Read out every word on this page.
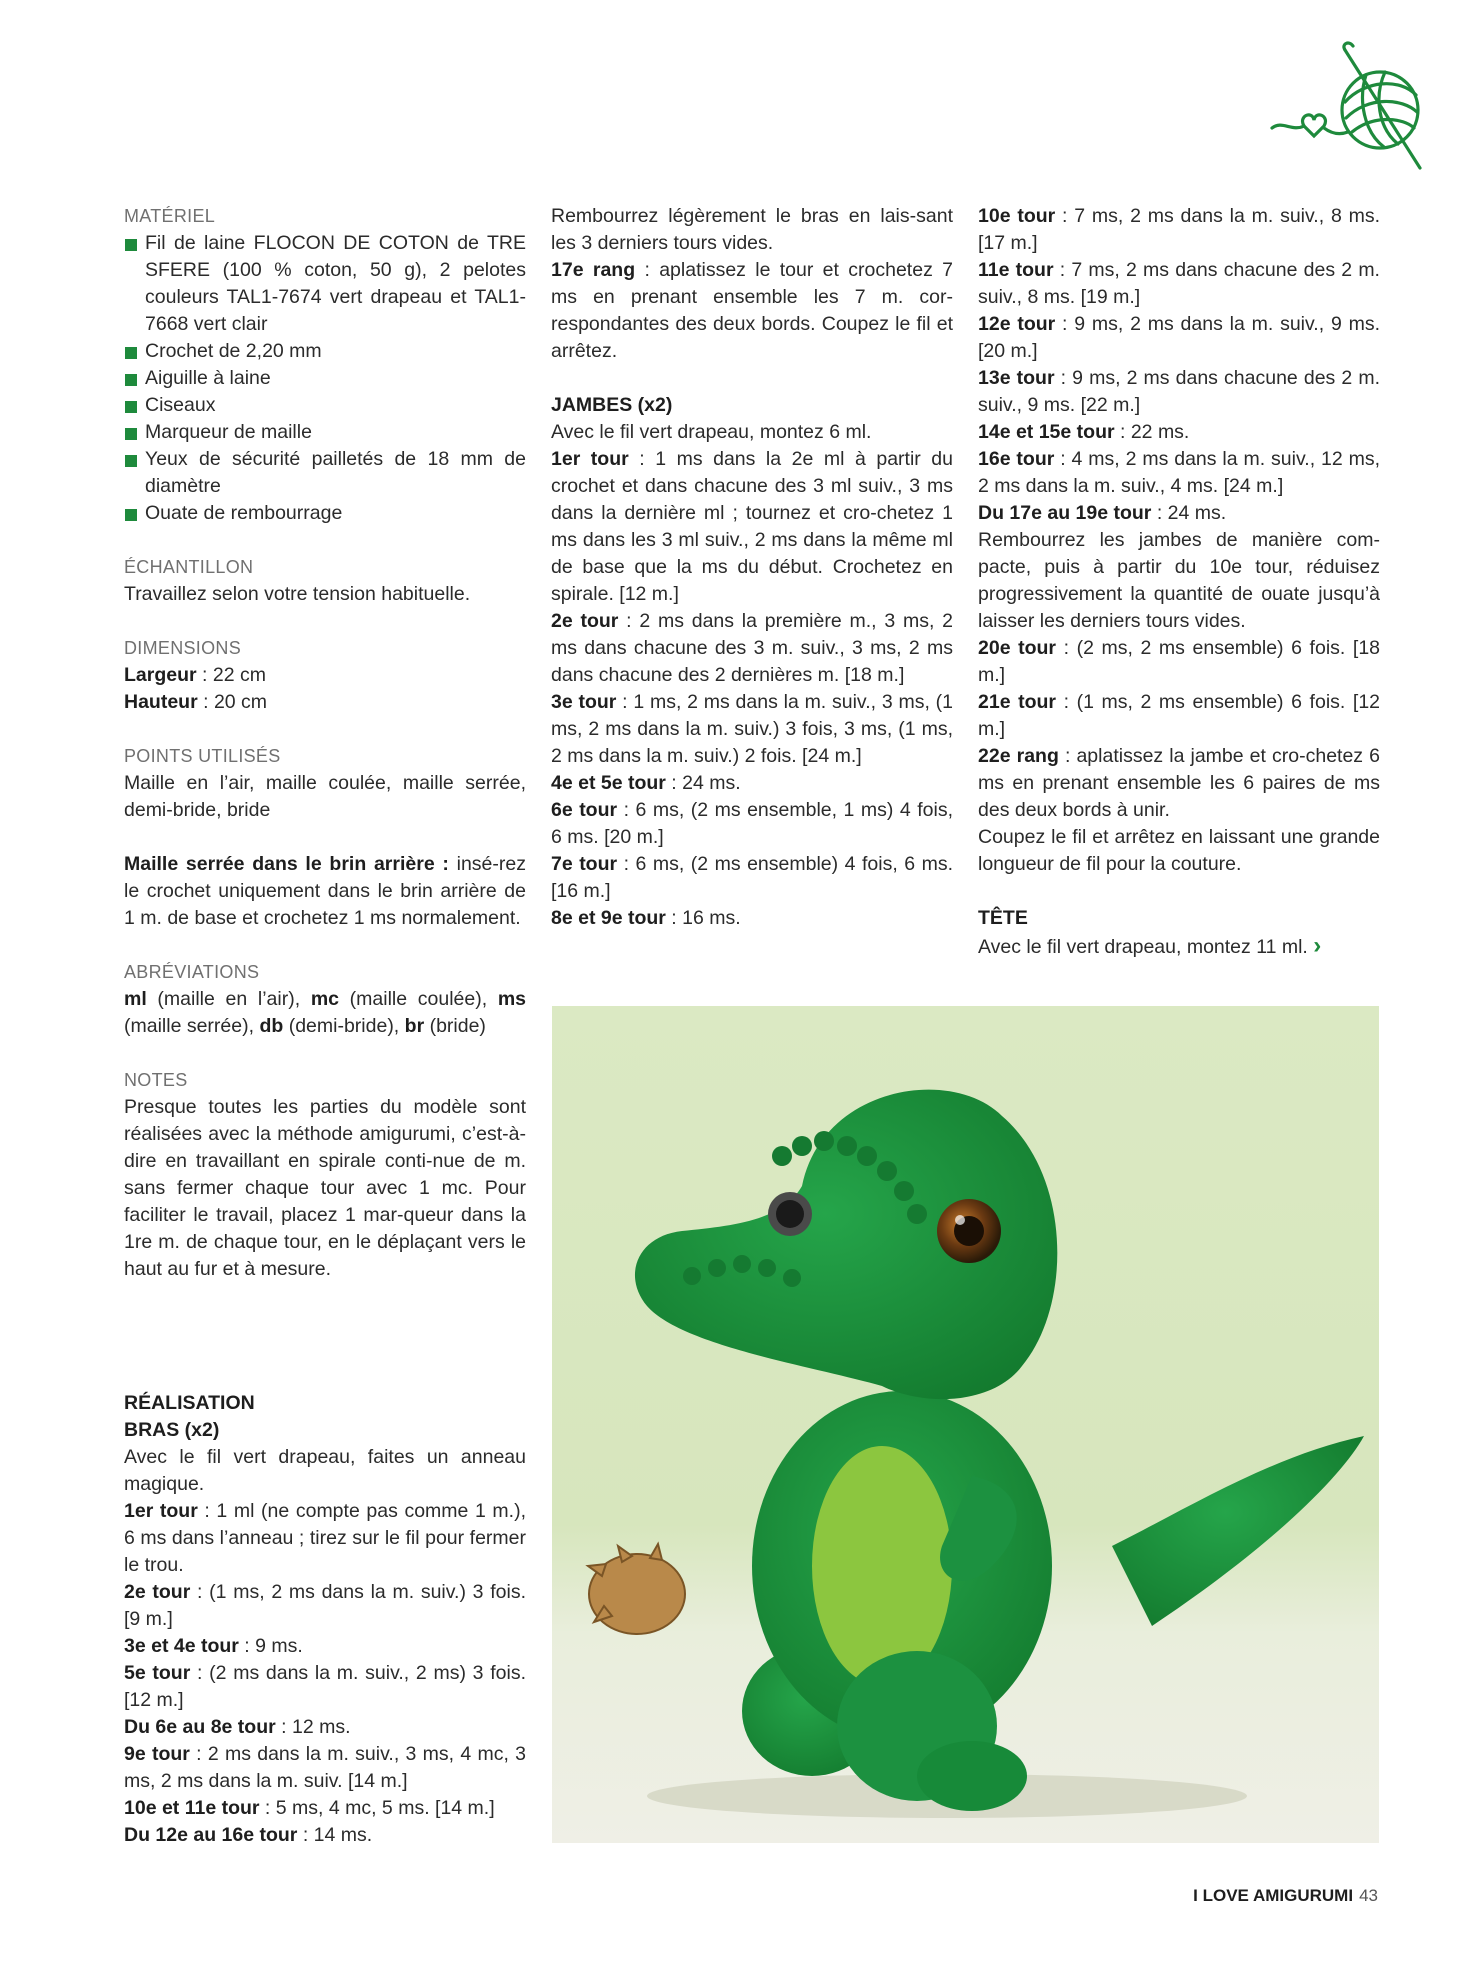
MATÉRIEL

Fil de laine FLOCON DE COTON de TRE SFERE (100 % coton, 50 g), 2 pelotes couleurs TAL1-7674 vert drapeau et TAL1-7668 vert clair
Crochet de 2,20 mm
Aiguille à laine
Ciseaux
Marqueur de maille
Yeux de sécurité pailletés de 18 mm de diamètre
Ouate de rembourrage

ÉCHANTILLON

Travaillez selon votre tension habituelle.

DIMENSIONS

Largeur : 22 cm

Hauteur : 20 cm

POINTS UTILISÉS

Maille en l’air, maille coulée, maille serrée, demi-bride, bride

Maille serrée dans le brin arrière : insé-rez le crochet uniquement dans le brin arrière de 1 m. de base et crochetez 1 ms normalement.

ABRÉVIATIONS

ml (maille en l’air), mc (maille coulée), ms (maille serrée), db (demi-bride), br (bride)

NOTES

Presque toutes les parties du modèle sont réalisées avec la méthode amigurumi, c’est-à-dire en travaillant en spirale conti-nue de m. sans fermer chaque tour avec 1 mc. Pour faciliter le travail, placez 1 mar-queur dans la 1re m. de chaque tour, en le déplaçant vers le haut au fur et à mesure.

RÉALISATION

BRAS (x2)

Avec le fil vert drapeau, faites un anneau magique.

1er tour : 1 ml (ne compte pas comme 1 m.), 6 ms dans l’anneau ; tirez sur le fil pour fermer le trou.

2e tour : (1 ms, 2 ms dans la m. suiv.) 3 fois. [9 m.]

3e et 4e tour : 9 ms.

5e tour : (2 ms dans la m. suiv., 2 ms) 3 fois. [12 m.]

Du 6e au 8e tour : 12 ms.

9e tour : 2 ms dans la m. suiv., 3 ms, 4 mc, 3 ms, 2 ms dans la m. suiv. [14 m.]

10e et 11e tour : 5 ms, 4 mc, 5 ms. [14 m.]

Du 12e au 16e tour : 14 ms.

Rembourrez légèrement le bras en lais-sant les 3 derniers tours vides.

17e rang : aplatissez le tour et crochetez 7 ms en prenant ensemble les 7 m. cor-respondantes des deux bords. Coupez le fil et arrêtez.

JAMBES (x2)

Avec le fil vert drapeau, montez 6 ml.

1er tour : 1 ms dans la 2e ml à partir du crochet et dans chacune des 3 ml suiv., 3 ms dans la dernière ml ; tournez et cro-chetez 1 ms dans les 3 ml suiv., 2 ms dans la même ml de base que la ms du début. Crochetez en spirale. [12 m.]

2e tour : 2 ms dans la première m., 3 ms, 2 ms dans chacune des 3 m. suiv., 3 ms, 2 ms dans chacune des 2 dernières m. [18 m.]

3e tour : 1 ms, 2 ms dans la m. suiv., 3 ms, (1 ms, 2 ms dans la m. suiv.) 3 fois, 3 ms, (1 ms, 2 ms dans la m. suiv.) 2 fois. [24 m.]

4e et 5e tour : 24 ms.

6e tour : 6 ms, (2 ms ensemble, 1 ms) 4 fois, 6 ms. [20 m.]

7e tour : 6 ms, (2 ms ensemble) 4 fois, 6 ms. [16 m.]

8e et 9e tour : 16 ms.

10e tour : 7 ms, 2 ms dans la m. suiv., 8 ms. [17 m.]

11e tour : 7 ms, 2 ms dans chacune des 2 m. suiv., 8 ms. [19 m.]

12e tour : 9 ms, 2 ms dans la m. suiv., 9 ms. [20 m.]

13e tour : 9 ms, 2 ms dans chacune des 2 m. suiv., 9 ms. [22 m.]

14e et 15e tour : 22 ms.

16e tour : 4 ms, 2 ms dans la m. suiv., 12 ms, 2 ms dans la m. suiv., 4 ms. [24 m.]

Du 17e au 19e tour : 24 ms.

Rembourrez les jambes de manière com-pacte, puis à partir du 10e tour, réduisez progressivement la quantité de ouate jusqu’à laisser les derniers tours vides.

20e tour : (2 ms, 2 ms ensemble) 6 fois. [18 m.]

21e tour : (1 ms, 2 ms ensemble) 6 fois. [12 m.]

22e rang : aplatissez la jambe et cro-chetez 6 ms en prenant ensemble les 6 paires de ms des deux bords à unir.

Coupez le fil et arrêtez en laissant une grande longueur de fil pour la couture.

TÊTE

Avec le fil vert drapeau, montez 11 ml. ›

I LOVE AMIGURUMI 43
